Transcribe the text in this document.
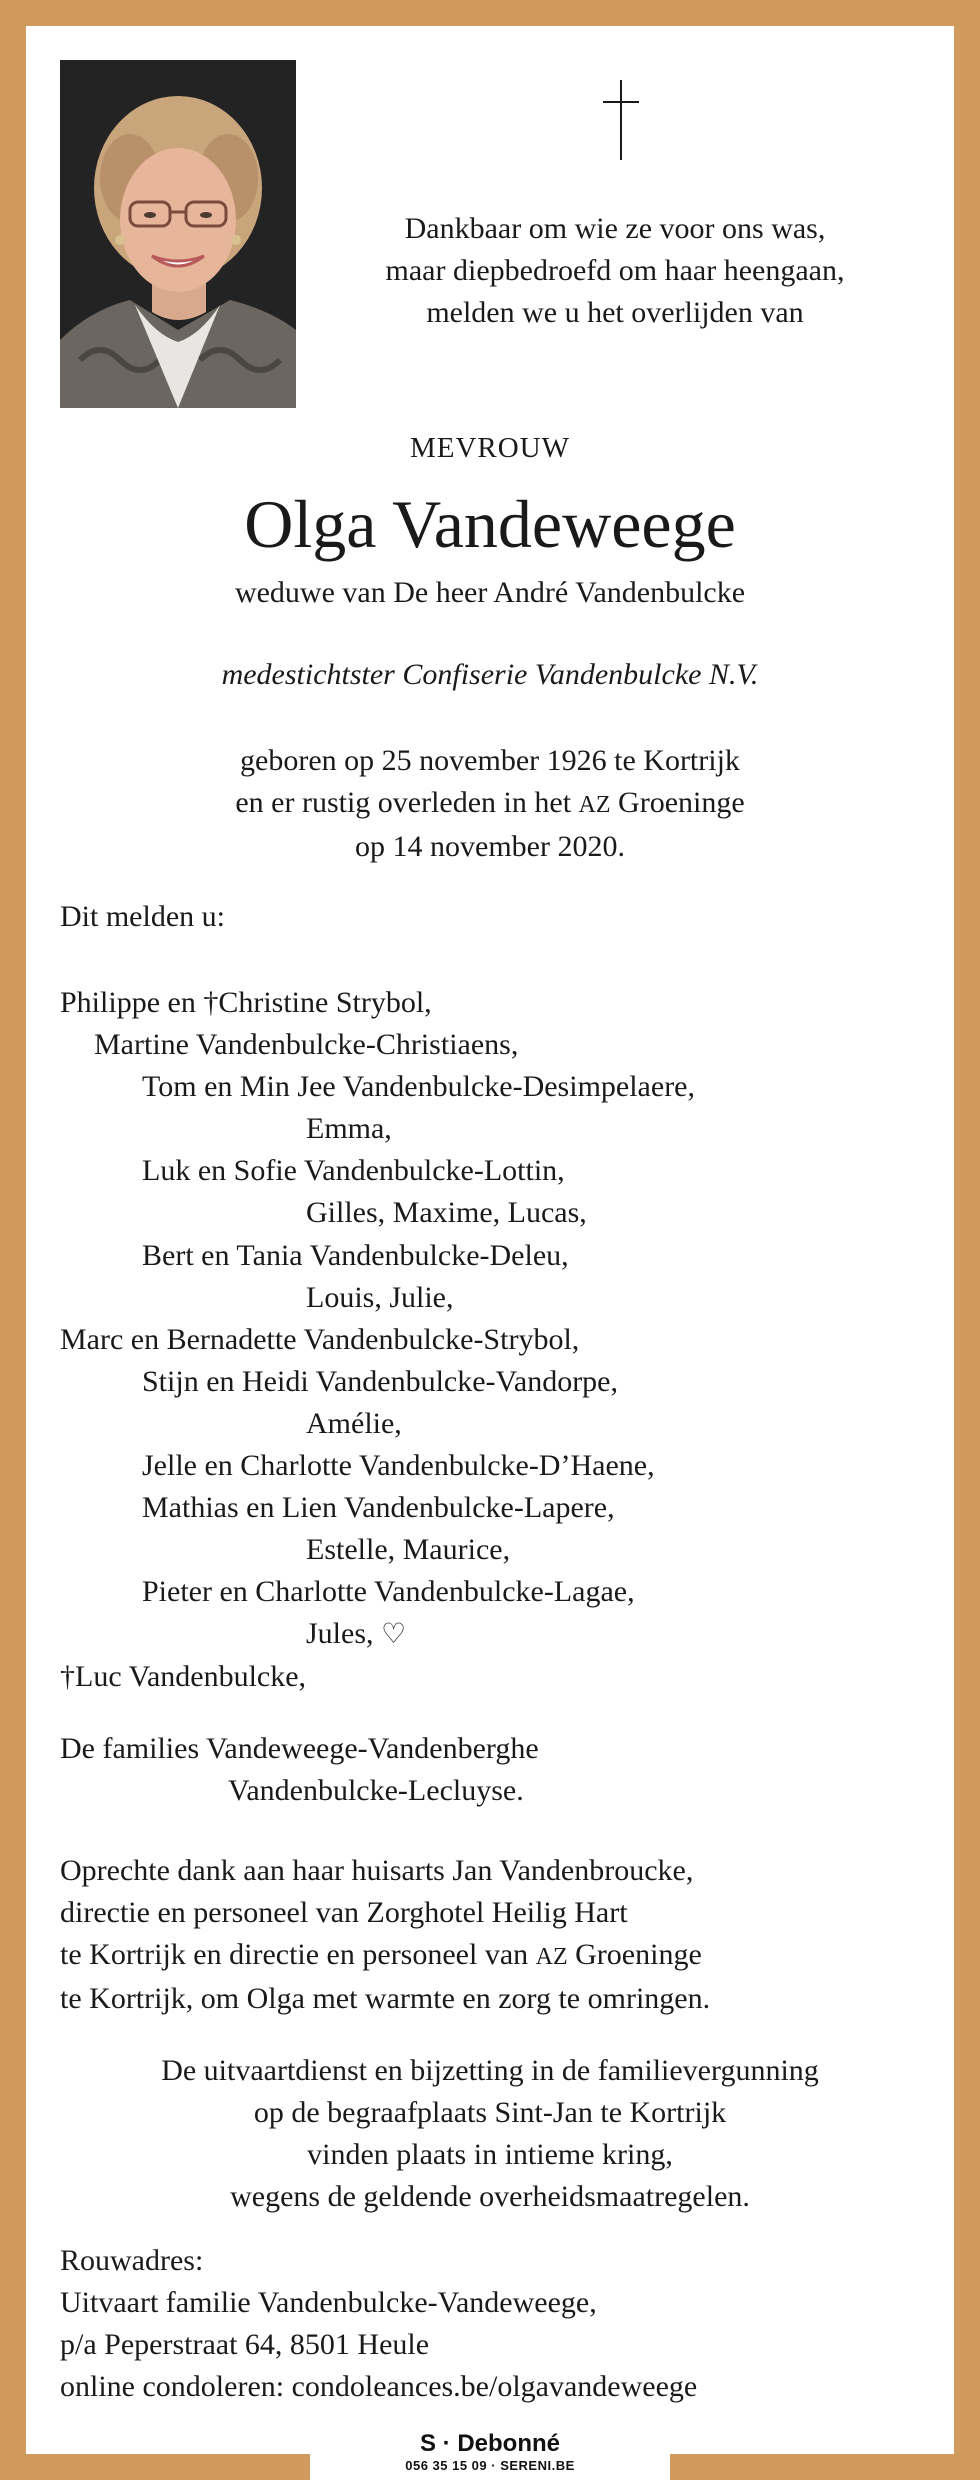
Dankbaar om wie ze voor ons was,
maar diepbedroefd om haar heengaan,
melden we u het overlijden van
MEVROUW
Olga Vandeweege
weduwe van De heer André Vandenbulcke
medestichtster Confiserie Vandenbulcke N.V.
geboren op 25 november 1926 te Kortrijk
en er rustig overleden in het AZ Groeninge
op 14 november 2020.
Dit melden u:
Philippe en †Christine Strybol,
Martine Vandenbulcke-Christiaens,
Tom en Min Jee Vandenbulcke-Desimpelaere,
Emma,
Luk en Sofie Vandenbulcke-Lottin,
Gilles, Maxime, Lucas,
Bert en Tania Vandenbulcke-Deleu,
Louis, Julie,
Marc en Bernadette Vandenbulcke-Strybol,
Stijn en Heidi Vandenbulcke-Vandorpe,
Amélie,
Jelle en Charlotte Vandenbulcke-D’Haene,
Mathias en Lien Vandenbulcke-Lapere,
Estelle, Maurice,
Pieter en Charlotte Vandenbulcke-Lagae,
Jules, ♡
†Luc Vandenbulcke,
De families Vandeweege-Vandenberghe
Vandenbulcke-Lecluyse.
Oprechte dank aan haar huisarts Jan Vandenbroucke,
directie en personeel van Zorghotel Heilig Hart
te Kortrijk en directie en personeel van AZ Groeninge
te Kortrijk, om Olga met warmte en zorg te omringen.
De uitvaartdienst en bijzetting in de familievergunning
op de begraafplaats Sint-Jan te Kortrijk
vinden plaats in intieme kring,
wegens de geldende overheidsmaatregelen.
Rouwadres:
Uitvaart familie Vandenbulcke-Vandeweege,
p/a Peperstraat 64, 8501 Heule
online condoleren: condoleances.be/olgavandeweege
S · Debonné
056 35 15 09 · SERENI.BE
